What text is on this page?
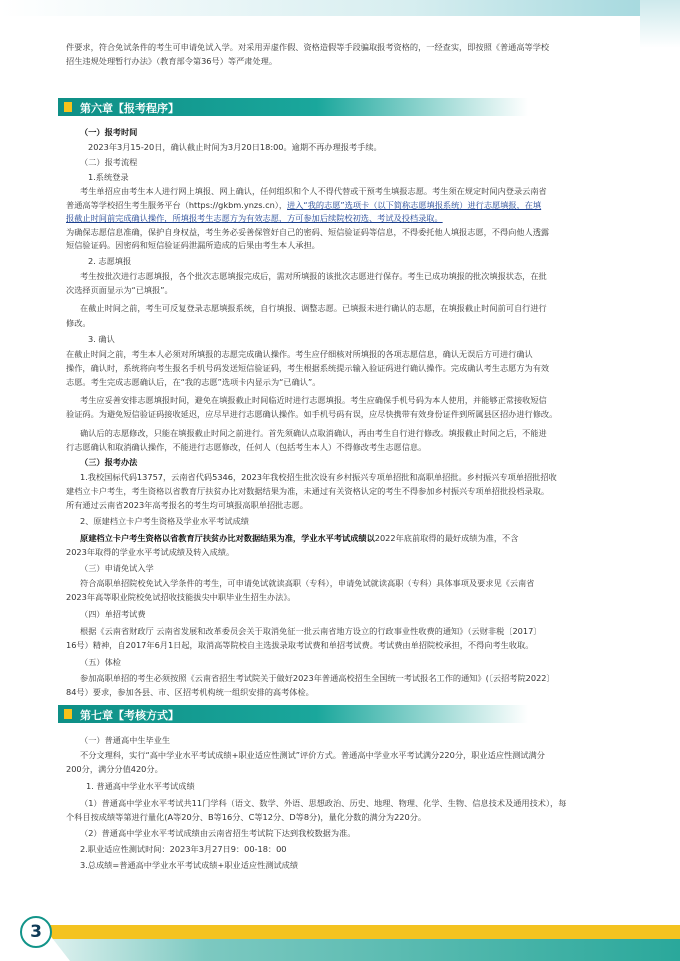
件要求，符合免试条件的考生可申请免试入学。对采用弄虚作假、资格造假等手段骗取报考资格的，一经查实，即按照《普通高等学校
招生违规处理暂行办法》（教育部令第36号）等严肃处理。
第六章【报考程序】
（一）报考时间
2023年3月15-20日，确认截止时间为3月20日18:00。逾期不再办理报考手续。
（二）报考流程
1.系统登录
考生单招应由考生本人进行网上填报、网上确认，任何组织和个人不得代替或干预考生填报志愿。考生须在规定时间内登录云南省
普通高等学校招生考生服务平台（https://gkbm.ynzs.cn），进入“我的志愿”选项卡（以下简称志愿填报系统）进行志愿填报，在填
报截止时间前完成确认操作，所填报考生志愿方为有效志愿，方可参加后续院校初选、考试及投档录取。
为确保志愿信息准确，保护自身权益，考生务必妥善保管好自己的密码、短信验证码等信息，不得委托他人填报志愿，不得向他人透露
短信验证码。因密码和短信验证码泄漏所造成的后果由考生本人承担。
2. 志愿填报
考生按批次进行志愿填报，各个批次志愿填报完成后，需对所填报的该批次志愿进行保存。考生已成功填报的批次填报状态，在批
次选择页面显示为“已填报”。
在截止时间之前，考生可反复登录志愿填报系统，自行填报、调整志愿。已填报未进行确认的志愿，在填报截止时间前可自行进行
修改。
3. 确认
在截止时间之前，考生本人必须对所填报的志愿完成确认操作。考生应仔细核对所填报的各项志愿信息，确认无误后方可进行确认
操作，确认时，系统将向考生报名手机号码发送短信验证码，考生根据系统提示输入验证码进行确认操作。完成确认考生志愿方为有效
志愿。考生完成志愿确认后，在“我的志愿”选项卡内显示为“已确认”。
考生应妥善安排志愿填报时间，避免在填报截止时间临近时进行志愿填报。考生应确保手机号码为本人使用，并能够正常接收短信
验证码。为避免短信验证码接收延迟，应尽早进行志愿确认操作。如手机号码有误，应尽快携带有效身份证件到所属县区招办进行修改。
确认后的志愿修改，只能在填报截止时间之前进行。首先须确认点取消确认，再由考生自行进行修改。填报截止时间之后，不能进
行志愿确认和取消确认操作，不能进行志愿修改，任何人（包括考生本人）不得修改考生志愿信息。
（三）报考办法
1.我校国标代码13757，云南省代码5346，2023年我校招生批次设有乡村振兴专项单招批和高职单招批。乡村振兴专项单招批招收
建档立卡户考生，考生资格以省教育厅扶贫办比对数据结果为准，未通过有关资格认定的考生不得参加乡村振兴专项单招批投档录取。
所有通过云南省2023年高考报名的考生均可填报高职单招批志愿。
2、原建档立卡户考生资格及学业水平考试成绩
原建档立卡户考生资格以省教育厅扶贫办比对数据结果为准，学业水平考试成绩以2022年底前取得的最好成绩为准，不含
2023年取得的学业水平考试成绩及转入成绩。
（三）申请免试入学
符合高职单招院校免试入学条件的考生，可申请免试就读高职（专科），申请免试就读高职（专科）具体事项及要求见《云南省
2023年高等职业院校免试招收技能拔尖中职毕业生招生办法》。
（四）单招考试费
根据《云南省财政厅 云南省发展和改革委员会关于取消免征一批云南省地方设立的行政事业性收费的通知》（云财非税〔2017〕
16号）精神，自2017年6月1日起，取消高等院校自主选拔录取考试费和单招考试费。考试费由单招院校承担，不得向考生收取。
（五）体检
参加高职单招的考生必须按照《云南省招生考试院关于做好2023年普通高校招生全国统一考试报名工作的通知》(〔云招考院2022〕
84号）要求，参加各县、市、区招考机构统一组织安排的高考体检。
第七章【考核方式】
（一）普通高中生毕业生
不分文理科，实行“高中学业水平考试成绩+职业适应性测试”评价方式。普通高中学业水平考试满分220分，职业适应性测试满分
200分，满分分值420分。
1. 普通高中学业水平考试成绩
（1）普通高中学业水平考试共11门学科（语文、数学、外语、思想政治、历史、地理、物理、化学、生物、信息技术及通用技术），每
个科目按成绩等第进行量化(A等20分、B等16分、C等12分、D等8分)，量化分数的满分为220分。
（2）普通高中学业水平考试成绩由云南省招生考试院下达到我校数据为准。
2.职业适应性测试时间：2023年3月27日9：00-18：00
3.总成绩=普通高中学业水平考试成绩+职业适应性测试成绩
3
